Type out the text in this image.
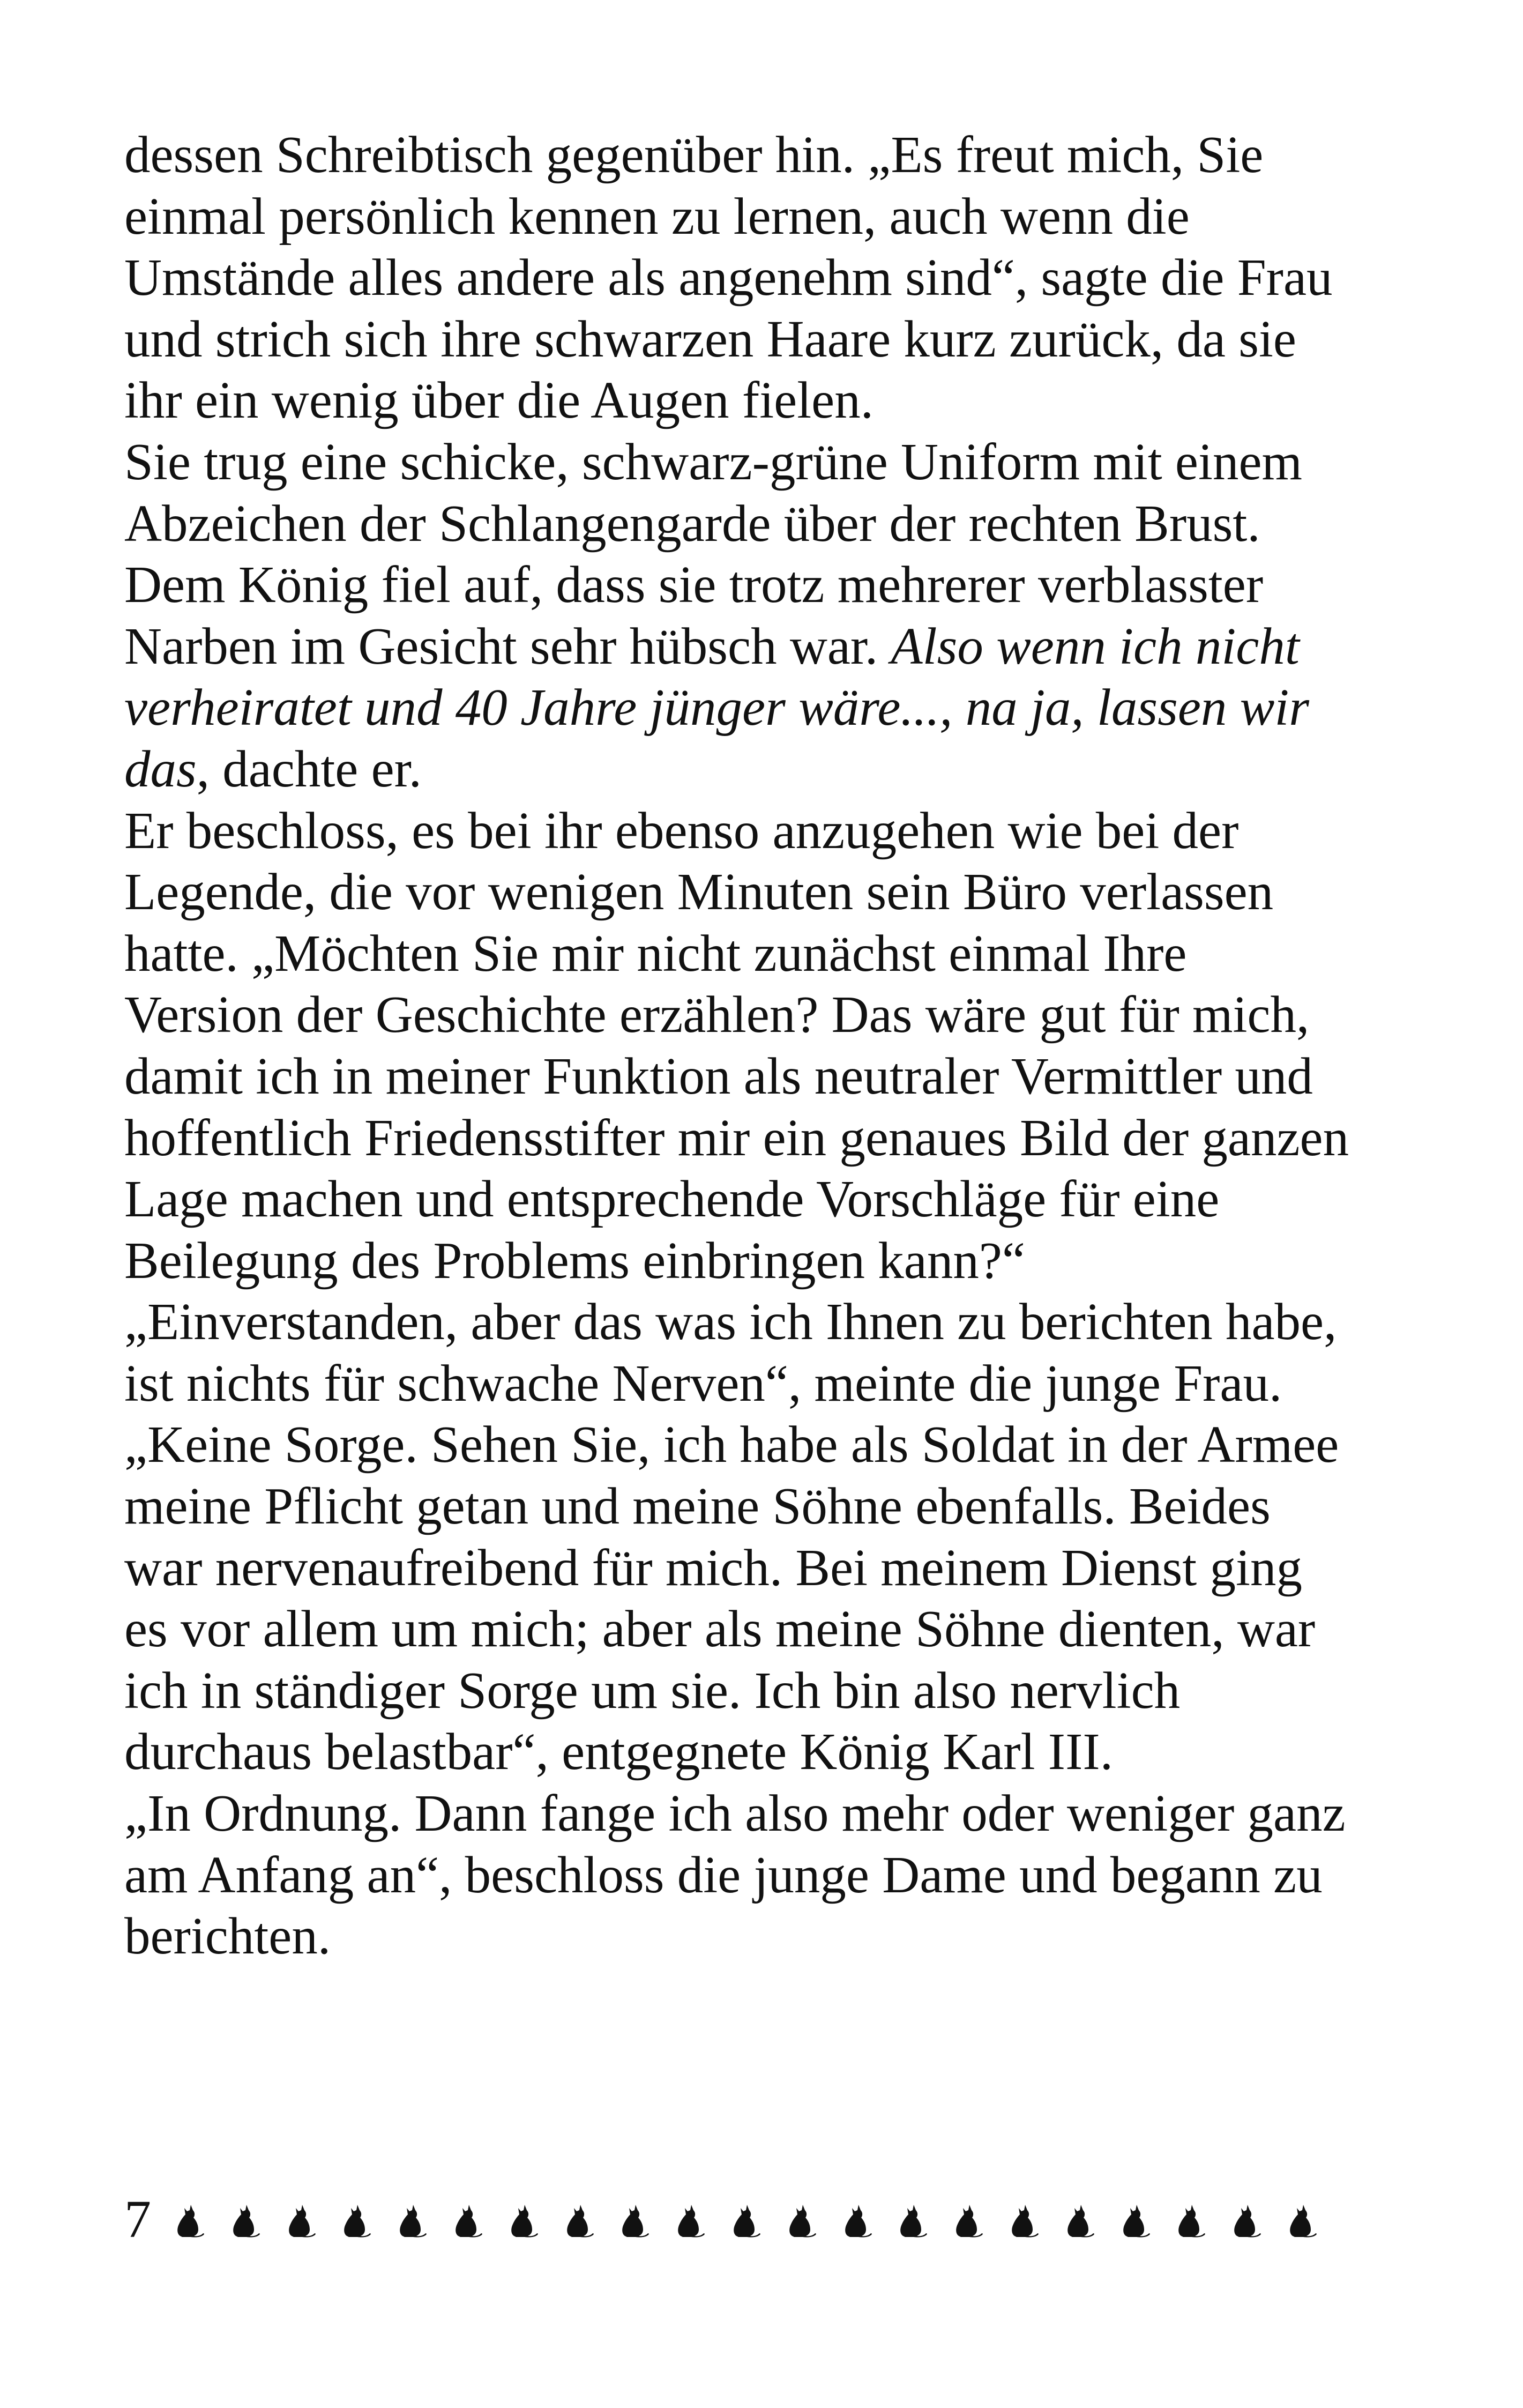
dessen Schreibtisch gegenüber hin. „Es freut mich, Sie
einmal persönlich kennen zu lernen, auch wenn die
Umstände alles andere als angenehm sind“, sagte die Frau
und strich sich ihre schwarzen Haare kurz zurück, da sie
ihr ein wenig über die Augen fielen.
Sie trug eine schicke, schwarz-grüne Uniform mit einem
Abzeichen der Schlangengarde über der rechten Brust.
Dem König fiel auf, dass sie trotz mehrerer verblasster
Narben im Gesicht sehr hübsch war. Also wenn ich nicht
verheiratet und 40 Jahre jünger wäre..., na ja, lassen wir
das, dachte er.
Er beschloss, es bei ihr ebenso anzugehen wie bei der
Legende, die vor wenigen Minuten sein Büro verlassen
hatte. „Möchten Sie mir nicht zunächst einmal Ihre
Version der Geschichte erzählen? Das wäre gut für mich,
damit ich in meiner Funktion als neutraler Vermittler und
hoffentlich Friedensstifter mir ein genaues Bild der ganzen
Lage machen und entsprechende Vorschläge für eine
Beilegung des Problems einbringen kann?“
„Einverstanden, aber das was ich Ihnen zu berichten habe,
ist nichts für schwache Nerven“, meinte die junge Frau.
„Keine Sorge. Sehen Sie, ich habe als Soldat in der Armee
meine Pflicht getan und meine Söhne ebenfalls. Beides
war nervenaufreibend für mich. Bei meinem Dienst ging
es vor allem um mich; aber als meine Söhne dienten, war
ich in ständiger Sorge um sie. Ich bin also nervlich
durchaus belastbar“, entgegnete König Karl III.
„In Ordnung. Dann fange ich also mehr oder weniger ganz
am Anfang an“, beschloss die junge Dame und begann zu
berichten.
7
